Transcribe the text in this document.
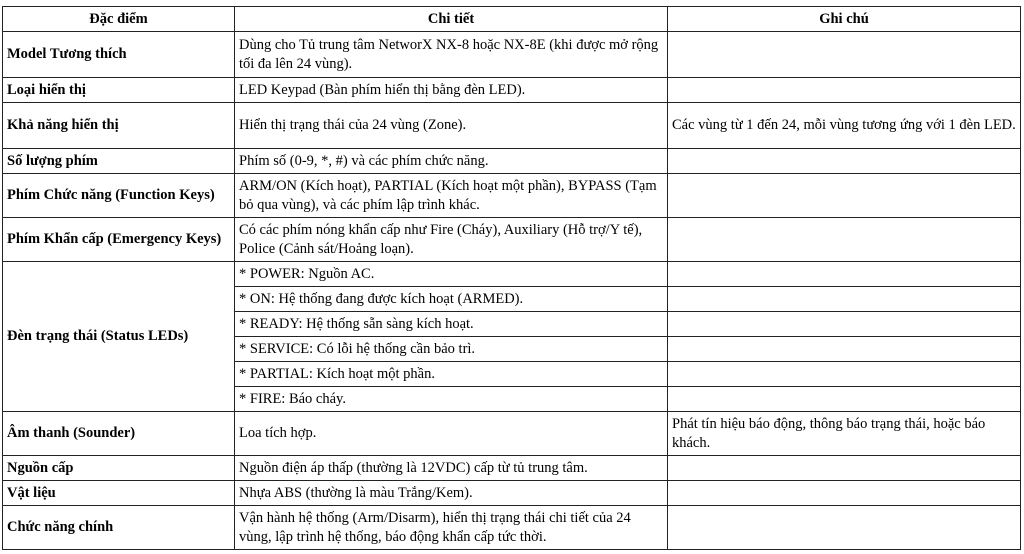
Đặc điểm	Chi tiết	Ghi chú
Model Tương thích	Dùng cho Tủ trung tâm NetworX NX-8 hoặc NX-8E (khi được mở rộng tối đa lên 24 vùng).	
Loại hiển thị	LED Keypad (Bàn phím hiển thị bằng đèn LED).	
Khả năng hiển thị	Hiển thị trạng thái của 24 vùng (Zone).	Các vùng từ 1 đến 24, mỗi vùng tương ứng với 1 đèn LED.
Số lượng phím	Phím số (0-9, *, #) và các phím chức năng.	
Phím Chức năng (Function Keys)	ARM/ON (Kích hoạt), PARTIAL (Kích hoạt một phần), BYPASS (Tạm bỏ qua vùng), và các phím lập trình khác.	
Phím Khẩn cấp (Emergency Keys)	Có các phím nóng khẩn cấp như Fire (Cháy), Auxiliary (Hỗ trợ/Y tế), Police (Cảnh sát/Hoảng loạn).	
Đèn trạng thái (Status LEDs)	* POWER: Nguồn AC.	
	* ON: Hệ thống đang được kích hoạt (ARMED).	
	* READY: Hệ thống sẵn sàng kích hoạt.	
	* SERVICE: Có lỗi hệ thống cần bảo trì.	
	* PARTIAL: Kích hoạt một phần.	
	* FIRE: Báo cháy.	
Âm thanh (Sounder)	Loa tích hợp.	Phát tín hiệu báo động, thông báo trạng thái, hoặc báo khách.
Nguồn cấp	Nguồn điện áp thấp (thường là 12VDC) cấp từ tủ trung tâm.	
Vật liệu	Nhựa ABS (thường là màu Trắng/Kem).	
Chức năng chính	Vận hành hệ thống (Arm/Disarm), hiển thị trạng thái chi tiết của 24 vùng, lập trình hệ thống, báo động khẩn cấp tức thời.	
